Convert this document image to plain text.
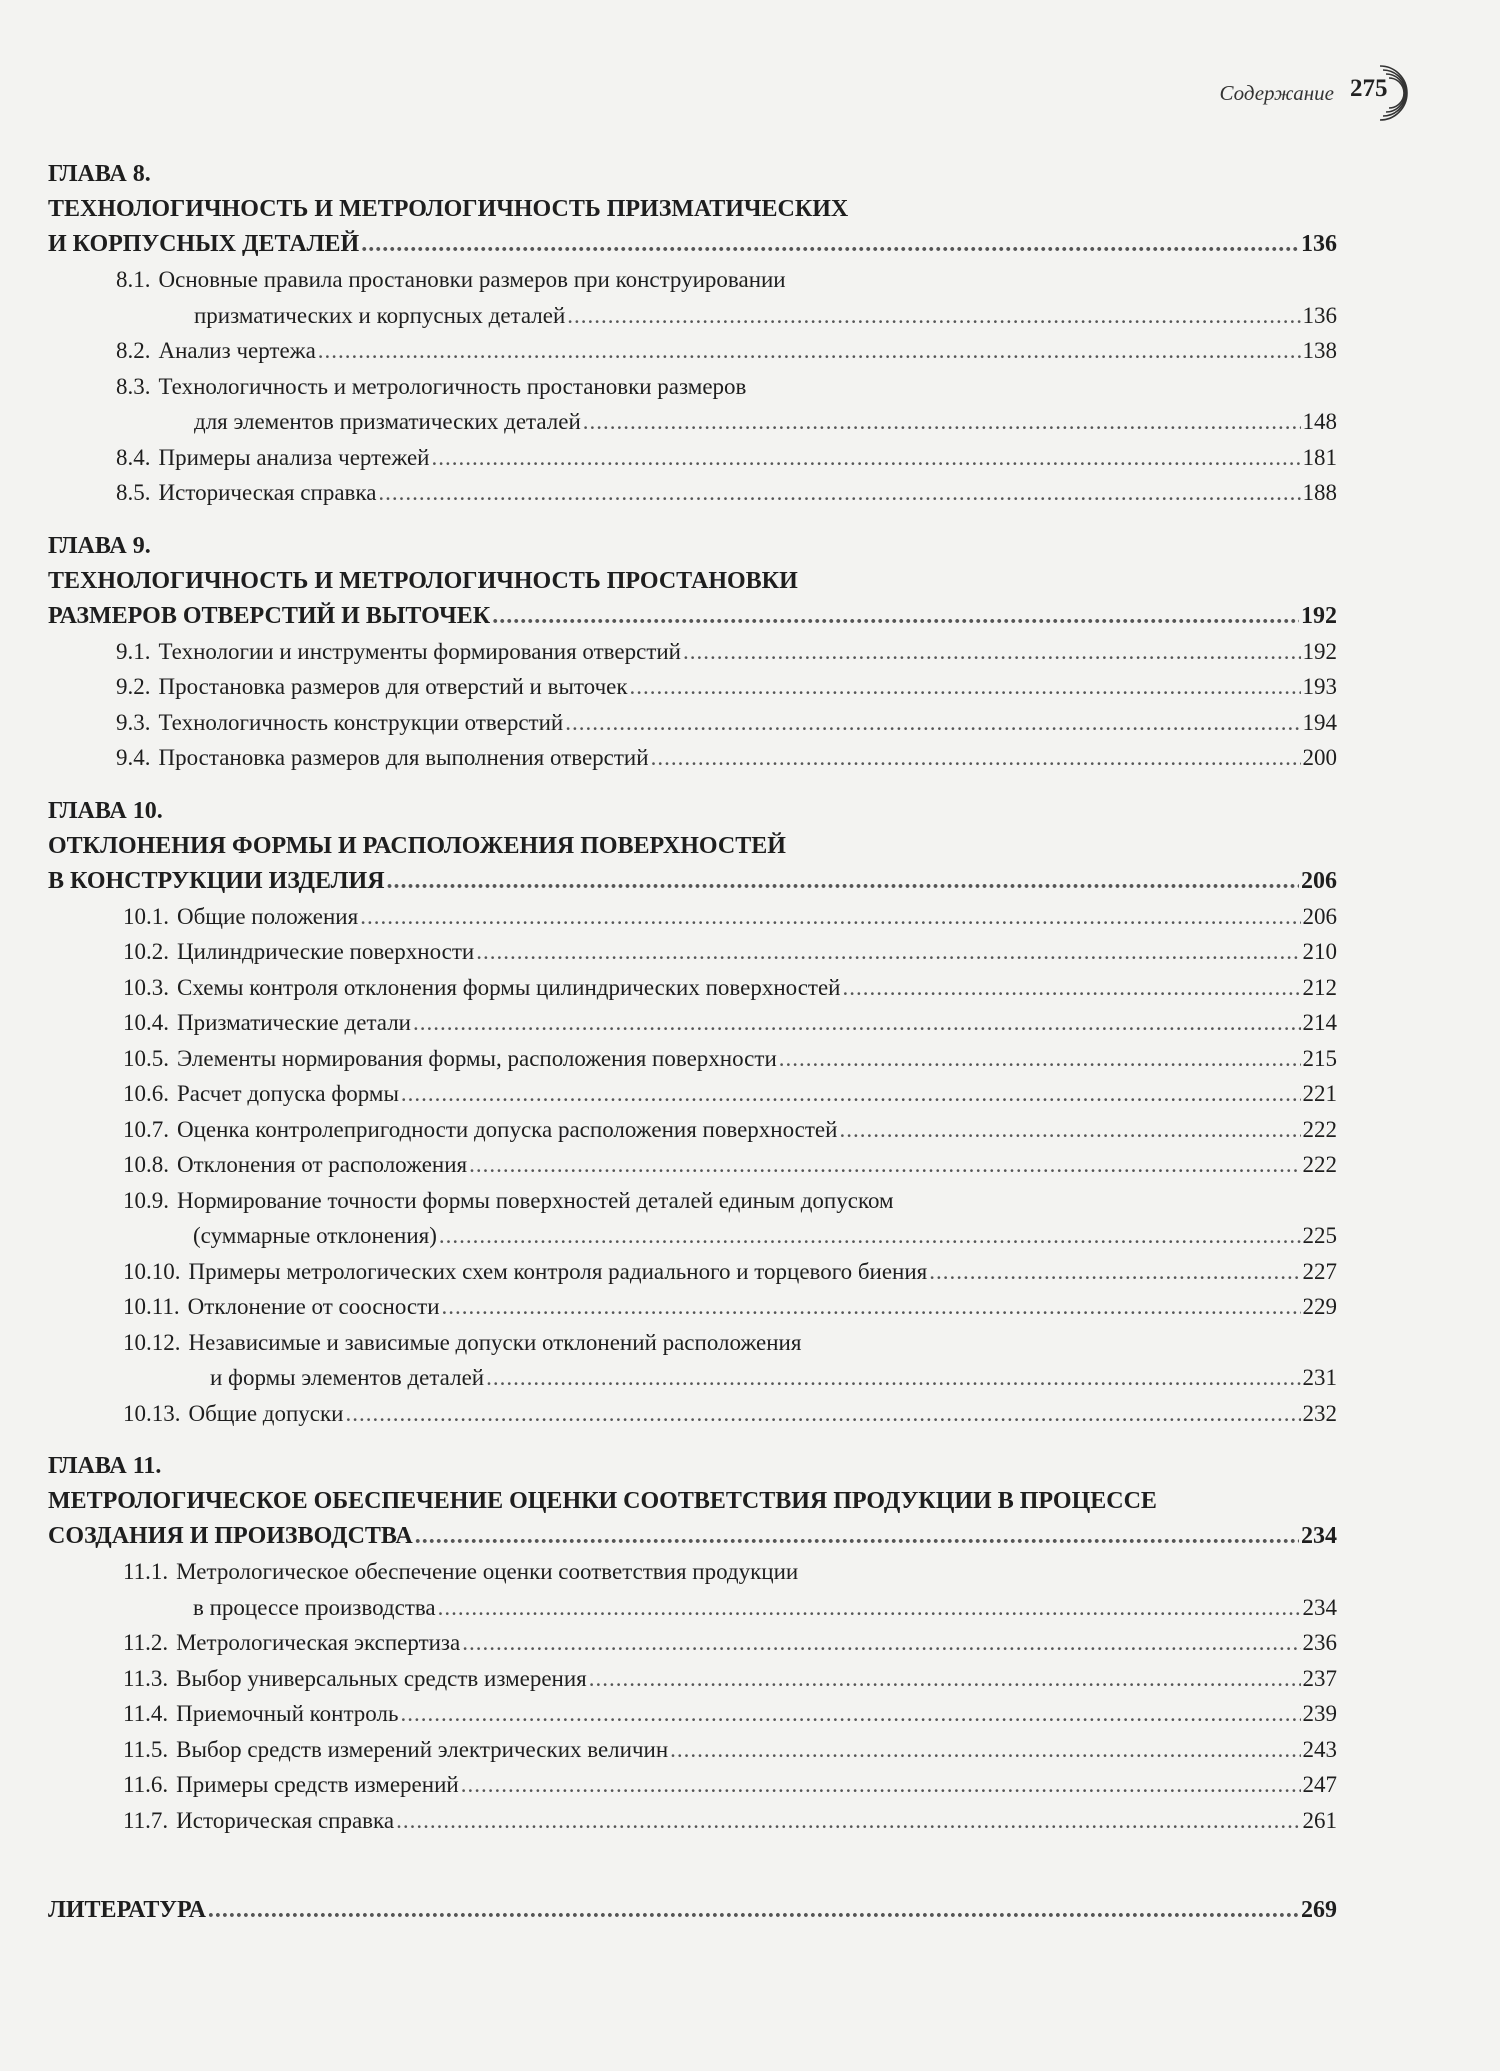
Содержание 275
ГЛАВА 8.
ТЕХНОЛОГИЧНОСТЬ И МЕТРОЛОГИЧНОСТЬ ПРИЗМАТИЧЕСКИХ
И КОРПУСНЫХ ДЕТАЛЕЙ .....	136
8.1. Основные правила простановки размеров при конструировании
призматических и корпусных деталей .....	136
8.2. Анализ чертежа .....	138
8.3. Технологичность и метрологичность простановки размеров
для элементов призматических деталей .....	148
8.4. Примеры анализа чертежей .....	181
8.5. Историческая справка .....	188
ГЛАВА 9.
ТЕХНОЛОГИЧНОСТЬ И МЕТРОЛОГИЧНОСТЬ ПРОСТАНОВКИ
РАЗМЕРОВ ОТВЕРСТИЙ И ВЫТОЧЕК .....	192
9.1. Технологии и инструменты формирования отверстий .....	192
9.2. Простановка размеров для отверстий и выточек .....	193
9.3. Технологичность конструкции отверстий .....	194
9.4. Простановка размеров для выполнения отверстий .....	200
ГЛАВА 10.
ОТКЛОНЕНИЯ ФОРМЫ И РАСПОЛОЖЕНИЯ ПОВЕРХНОСТЕЙ
В КОНСТРУКЦИИ ИЗДЕЛИЯ .....	206
10.1. Общие положения .....	206
10.2. Цилиндрические поверхности .....	210
10.3. Схемы контроля отклонения формы цилиндрических поверхностей .....	212
10.4. Призматические детали .....	214
10.5. Элементы нормирования формы, расположения поверхности .....	215
10.6. Расчет допуска формы .....	221
10.7. Оценка контролепригодности допуска расположения поверхностей .....	222
10.8. Отклонения от расположения .....	222
10.9. Нормирование точности формы поверхностей деталей единым допуском
(суммарные отклонения) .....	225
10.10. Примеры метрологических схем контроля радиального и торцевого биения .....	227
10.11. Отклонение от соосности .....	229
10.12. Независимые и зависимые допуски отклонений расположения
и формы элементов деталей .....	231
10.13. Общие допуски .....	232
ГЛАВА 11.
МЕТРОЛОГИЧЕСКОЕ ОБЕСПЕЧЕНИЕ ОЦЕНКИ СООТВЕТСТВИЯ ПРОДУКЦИИ В ПРОЦЕССЕ
СОЗДАНИЯ И ПРОИЗВОДСТВА .....	234
11.1. Метрологическое обеспечение оценки соответствия продукции
в процессе производства .....	234
11.2. Метрологическая экспертиза .....	236
11.3. Выбор универсальных средств измерения .....	237
11.4. Приемочный контроль .....	239
11.5. Выбор средств измерений электрических величин .....	243
11.6. Примеры средств измерений .....	247
11.7. Историческая справка .....	261
ЛИТЕРАТУРА .....	269
